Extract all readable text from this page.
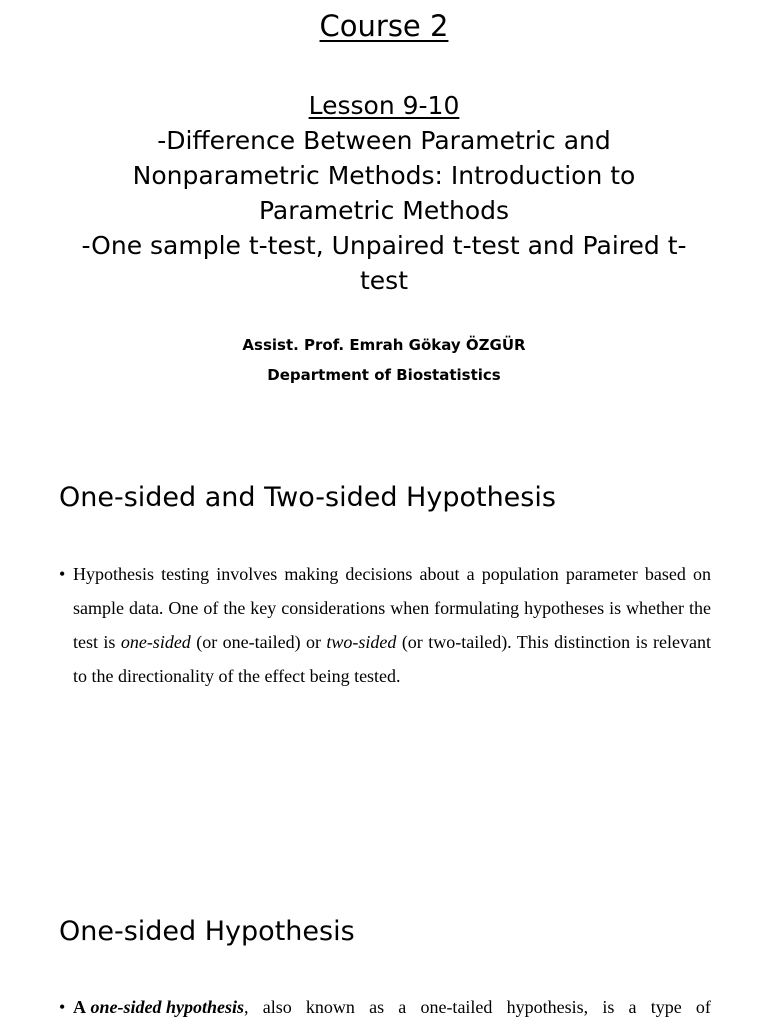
Course 2
Lesson 9-10
-Difference Between Parametric and
Nonparametric Methods: Introduction to
Parametric Methods
-One sample t-test, Unpaired t-test and Paired t-
test
Assist. Prof. Emrah Gökay ÖZGÜR
Department of Biostatistics
One-sided and Two-sided Hypothesis
• Hypothesis testing involves making decisions about a population parameter based on sample data. One of the key considerations when formulating hypotheses is whether the test is one-sided (or one-tailed) or two-sided (or two-tailed). This distinction is relevant to the directionality of the effect being tested.
One-sided Hypothesis
• A one-sided hypothesis, also known as a one-tailed hypothesis, is a type of
